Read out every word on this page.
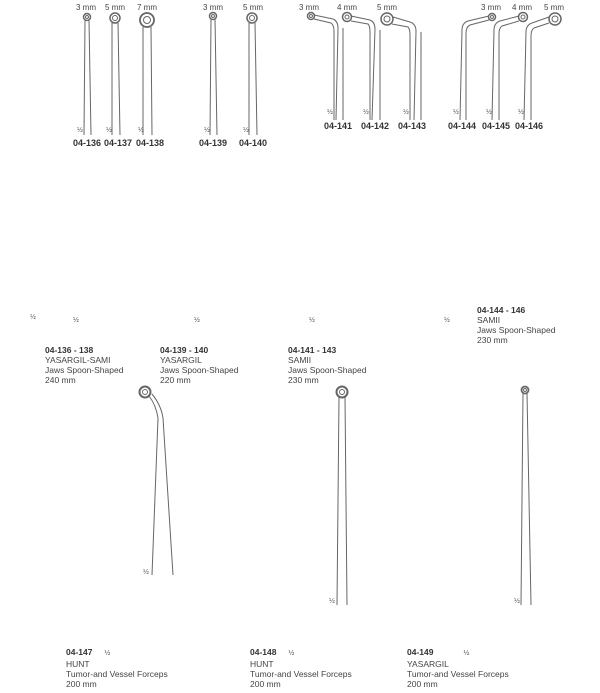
3 mm 5 mm 7 mm
½	½	½
04-136 04-137 04-138
3 mm	5 mm
½	½
04-139 04-140
3 mm 4 mm	5 mm
½	½	½
04-141 04-142 04-143
3 mm 4 mm 5 mm
½	½	½
04-144 04-145 04-146
½	½	½	½	½
04-136 - 138
YASARGIL-SAMI
Jaws Spoon-Shaped
240 mm
04-139 - 140
YASARGIL
Jaws Spoon-Shaped
220 mm
04-141 - 143
SAMII
Jaws Spoon-Shaped
230 mm
04-144 - 146
SAMII
Jaws Spoon-Shaped
230 mm
½
½	½
04-147 ½
HUNT
Tumor-and Vessel Forceps
200 mm
04-148 ½
HUNT
Tumor-and Vessel Forceps
200 mm
04-149	½
YASARGIL
Tumor-and Vessel Forceps
200 mm
